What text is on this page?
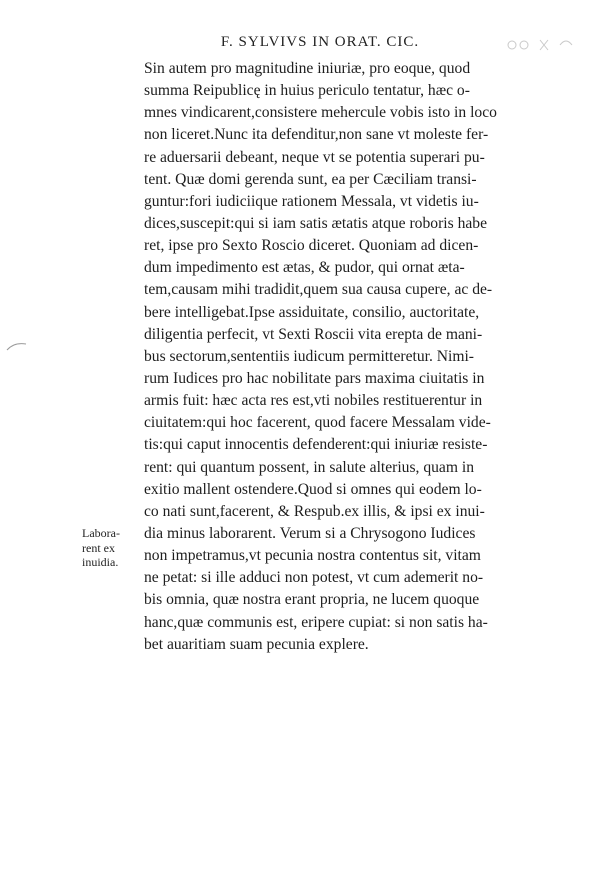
F. SYLVIVS IN ORAT. CIC.
Sin autem pro magnitudine iniuriæ, pro eoque, quod
summa Reipublicę in huius periculo tentatur, hæc o-
mnes vindicarent,consistere mehercule vobis isto in loco
non liceret.Nunc ita defenditur,non sane vt moleste fer-
re aduersarii debeant, neque vt se potentia superari pu-
tent. Quæ domi gerenda sunt, ea per Cæciliam transi-
guntur:fori iudiciique rationem Messala, vt videtis iu-
dices,suscepit:qui si iam satis ætatis atque roboris habe
ret, ipse pro Sexto Roscio diceret. Quoniam ad dicen-
dum impedimento est ætas, & pudor, qui ornat æta-
tem,causam mihi tradidit,quem sua causa cupere, ac de-
bere intelligebat.Ipse assiduitate, consilio, auctoritate,
diligentia perfecit, vt Sexti Roscii vita erepta de mani-
bus sectorum,sententiis iudicum permitteretur. Nimi-
rum Iudices pro hac nobilitate pars maxima ciuitatis in
armis fuit: hæc acta res est,vti nobiles restituerentur in
ciuitatem:qui hoc facerent, quod facere Messalam vide-
tis:qui caput innocentis defenderent:qui iniuriæ resiste-
rent: qui quantum possent, in salute alterius, quam in
exitio mallent ostendere.Quod si omnes qui eodem lo-
co nati sunt,facerent, & Respub.ex illis, & ipsi ex inui-
dia minus laborarent. Verum si a Chrysogono Iudices
non impetramus,vt pecunia nostra contentus sit, vitam
ne petat: si ille adduci non potest, vt cum ademerit no-
bis omnia, quæ nostra erant propria, ne lucem quoque
hanc,quæ communis est, eripere cupiat: si non satis ha-
bet auaritiam suam pecunia explere.
Labora-
rent ex
inuidia.
